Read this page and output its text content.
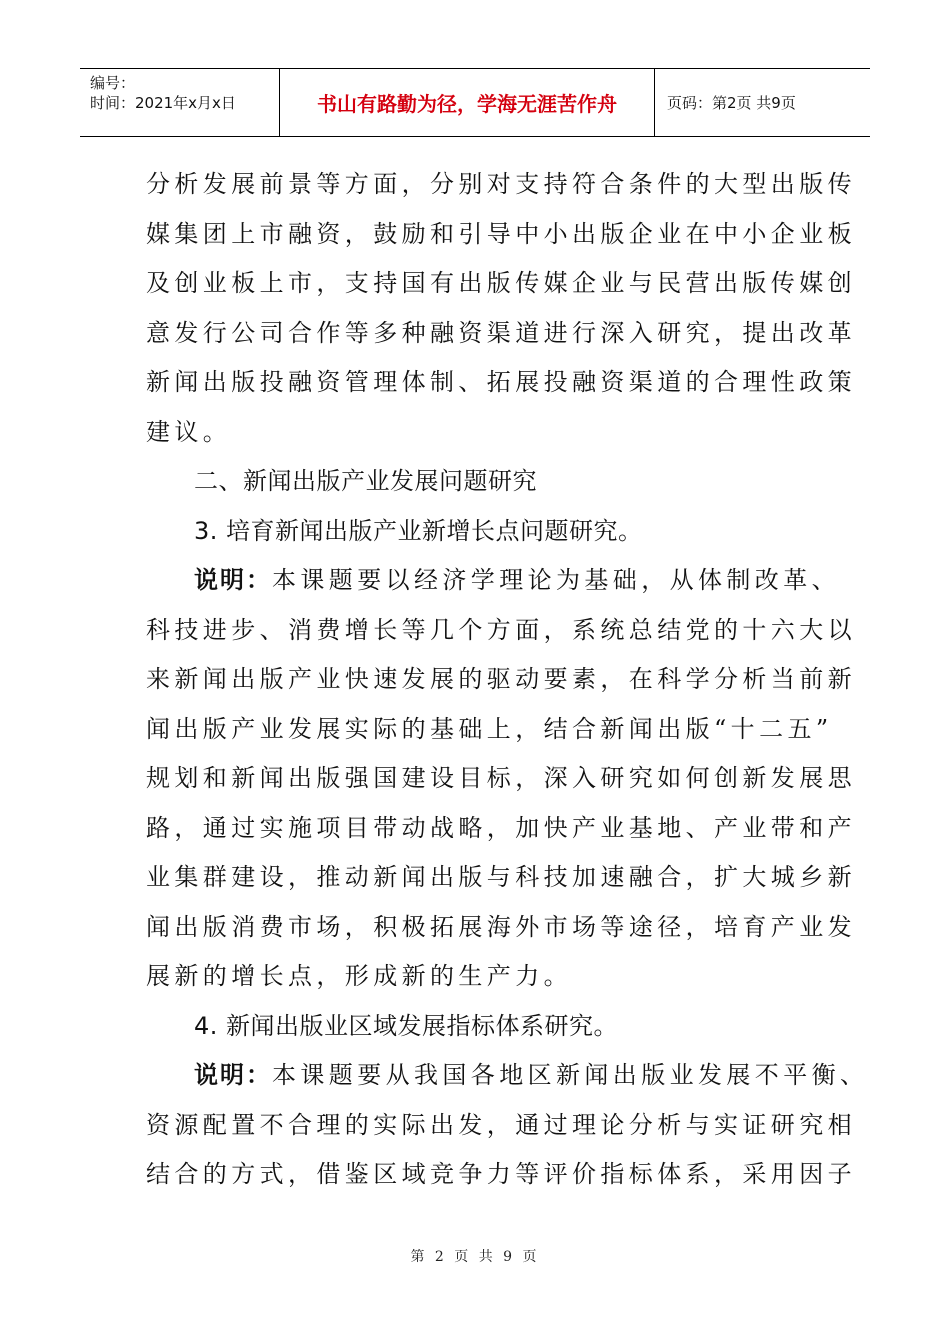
编号：
时间：2021年x月x日	书山有路勤为径，学海无涯苦作舟	页码：第2页 共9页
分析发展前景等方面，分别对支持符合条件的大型出版传
媒集团上市融资，鼓励和引导中小出版企业在中小企业板
及创业板上市，支持国有出版传媒企业与民营出版传媒创
意发行公司合作等多种融资渠道进行深入研究，提出改革
新闻出版投融资管理体制、拓展投融资渠道的合理性政策
建议。
二、新闻出版产业发展问题研究
3. 培育新闻出版产业新增长点问题研究。
说明：本课题要以经济学理论为基础，从体制改革、
科技进步、消费增长等几个方面，系统总结党的十六大以
来新闻出版产业快速发展的驱动要素，在科学分析当前新
闻出版产业发展实际的基础上，结合新闻出版“十二五”
规划和新闻出版强国建设目标，深入研究如何创新发展思
路，通过实施项目带动战略，加快产业基地、产业带和产
业集群建设，推动新闻出版与科技加速融合，扩大城乡新
闻出版消费市场，积极拓展海外市场等途径，培育产业发
展新的增长点，形成新的生产力。
4. 新闻出版业区域发展指标体系研究。
说明：本课题要从我国各地区新闻出版业发展不平衡、
资源配置不合理的实际出发，通过理论分析与实证研究相
结合的方式，借鉴区域竞争力等评价指标体系，采用因子
第 2 页 共 9 页
